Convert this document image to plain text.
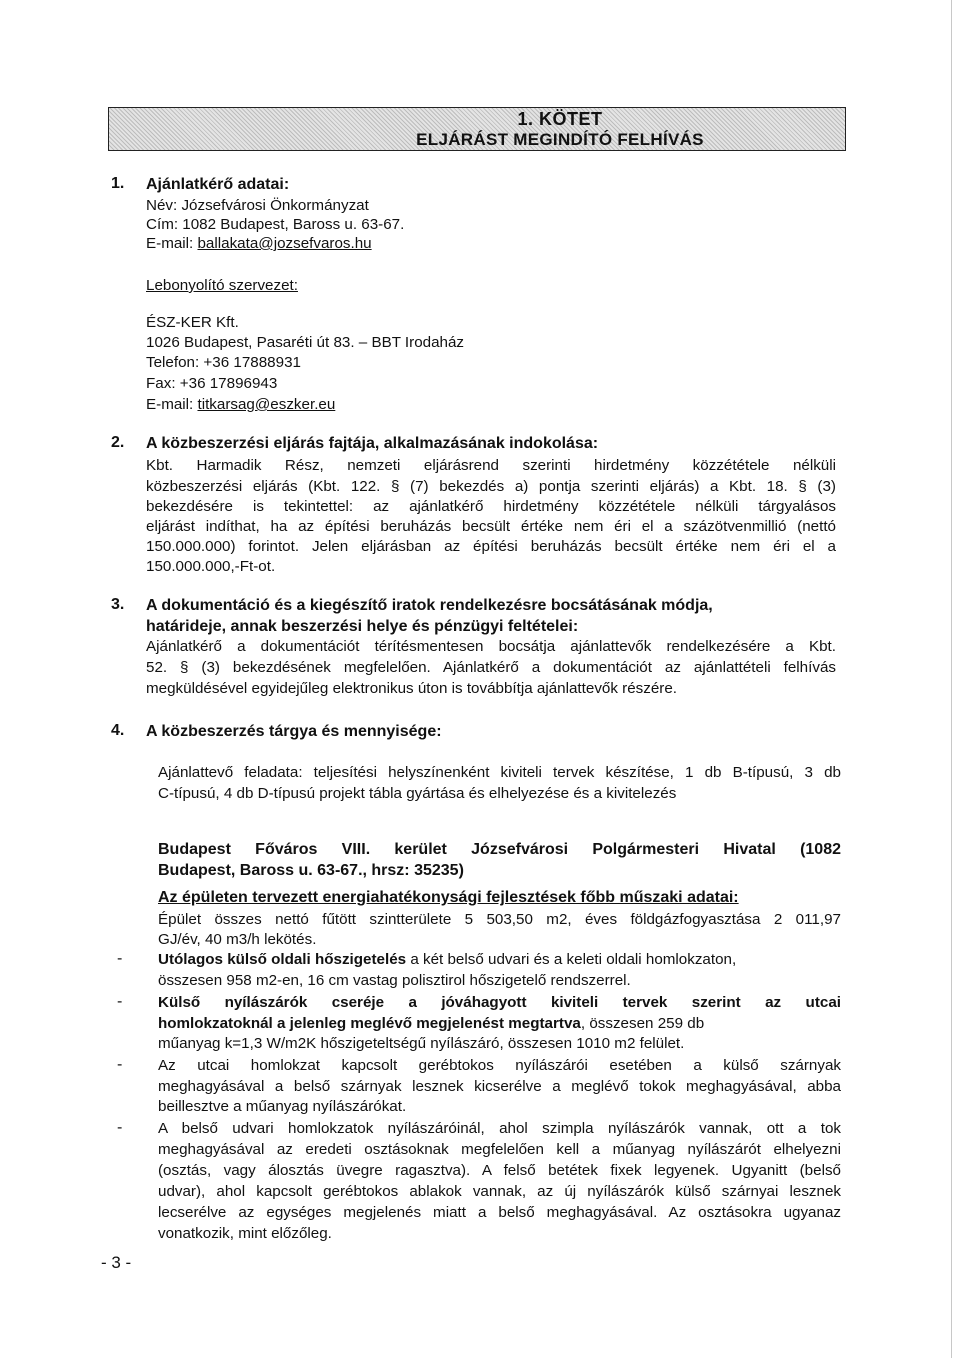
1. KÖTET
ELJÁRÁST MEGINDÍTÓ FELHÍVÁS
1. Ajánlatkérő adatai:
Név: Józsefvárosi Önkormányzat
Cím: 1082 Budapest, Baross u. 63-67.
E-mail: ballakata@jozsefvaros.hu
Lebonyolító szervezet:
ÉSZ-KER Kft.
1026 Budapest, Pasaréti út 83. – BBT Irodaház
Telefon: +36 17888931
Fax: +36 17896943
E-mail: titkarsag@eszker.eu
2. A közbeszerzési eljárás fajtája, alkalmazásának indokolása:
Kbt. Harmadik Rész, nemzeti eljárásrend szerinti hirdetmény közzététele nélküli
közbeszerzési eljárás (Kbt. 122. § (7) bekezdés a) pontja szerinti eljárás) a Kbt. 18. § (3)
bekezdésére is tekintettel: az ajánlatkérő hirdetmény közzététele nélküli tárgyalásos
eljárást indíthat, ha az építési beruházás becsült értéke nem éri el a százötvenmillió (nettó
150.000.000) forintot. Jelen eljárásban az építési beruházás becsült értéke nem éri el a
150.000.000,-Ft-ot.
3. A dokumentáció és a kiegészítő iratok rendelkezésre bocsátásának módja,
határideje, annak beszerzési helye és pénzügyi feltételei:
Ajánlatkérő a dokumentációt térítésmentesen bocsátja ajánlattevők rendelkezésére a Kbt.
52. § (3) bekezdésének megfelelően. Ajánlatkérő a dokumentációt az ajánlattételi felhívás
megküldésével egyidejűleg elektronikus úton is továbbítja ajánlattevők részére.
4. A közbeszerzés tárgya és mennyisége:
Ajánlattevő feladata: teljesítési helyszínenként kiviteli tervek készítése, 1 db B-típusú, 3 db
C-típusú, 4 db D-típusú projekt tábla gyártása és elhelyezése és a kivitelezés
Budapest Főváros VIII. kerület Józsefvárosi Polgármesteri Hivatal (1082
Budapest, Baross u. 63-67., hrsz: 35235)
Az épületen tervezett energiahatékonysági fejlesztések főbb műszaki adatai:
Épület összes nettó fűtött szintterülete 5 503,50 m2, éves földgázfogyasztása 2 011,97
GJ/év, 40 m3/h lekötés.
- Utólagos külső oldali hőszigetelés a két belső udvari és a keleti oldali homlokzaton,
összesen 958 m2-en, 16 cm vastag polisztirol hőszigetelő rendszerrel.
- Külső nyílászárók cseréje a jóváhagyott kiviteli tervek szerint az utcai
homlokzatoknál a jelenleg meglévő megjelenést megtartva, összesen 259 db
műanyag k=1,3 W/m2K hőszigeteltségű nyílászáró, összesen 1010 m2 felület.
- Az utcai homlokzat kapcsolt gerébtokos nyílászárói esetében a külső szárnyak
meghagyásával a belső szárnyak lesznek kicserélve a meglévő tokok meghagyásával, abba
beillesztve a műanyag nyílászárókat.
- A belső udvari homlokzatok nyílászáróinál, ahol szimpla nyílászárók vannak, ott a tok
meghagyásával az eredeti osztásoknak megfelelően kell a műanyag nyílászárót elhelyezni
(osztás, vagy álosztás üvegre ragasztva). A felső betétek fixek legyenek. Ugyanitt (belső
udvar), ahol kapcsolt gerébtokos ablakok vannak, az új nyílászárók külső szárnyai lesznek
lecserélve az egységes megjelenés miatt a belső meghagyásával. Az osztásokra ugyanaz
vonatkozik, mint előzőleg.
- 3 -
